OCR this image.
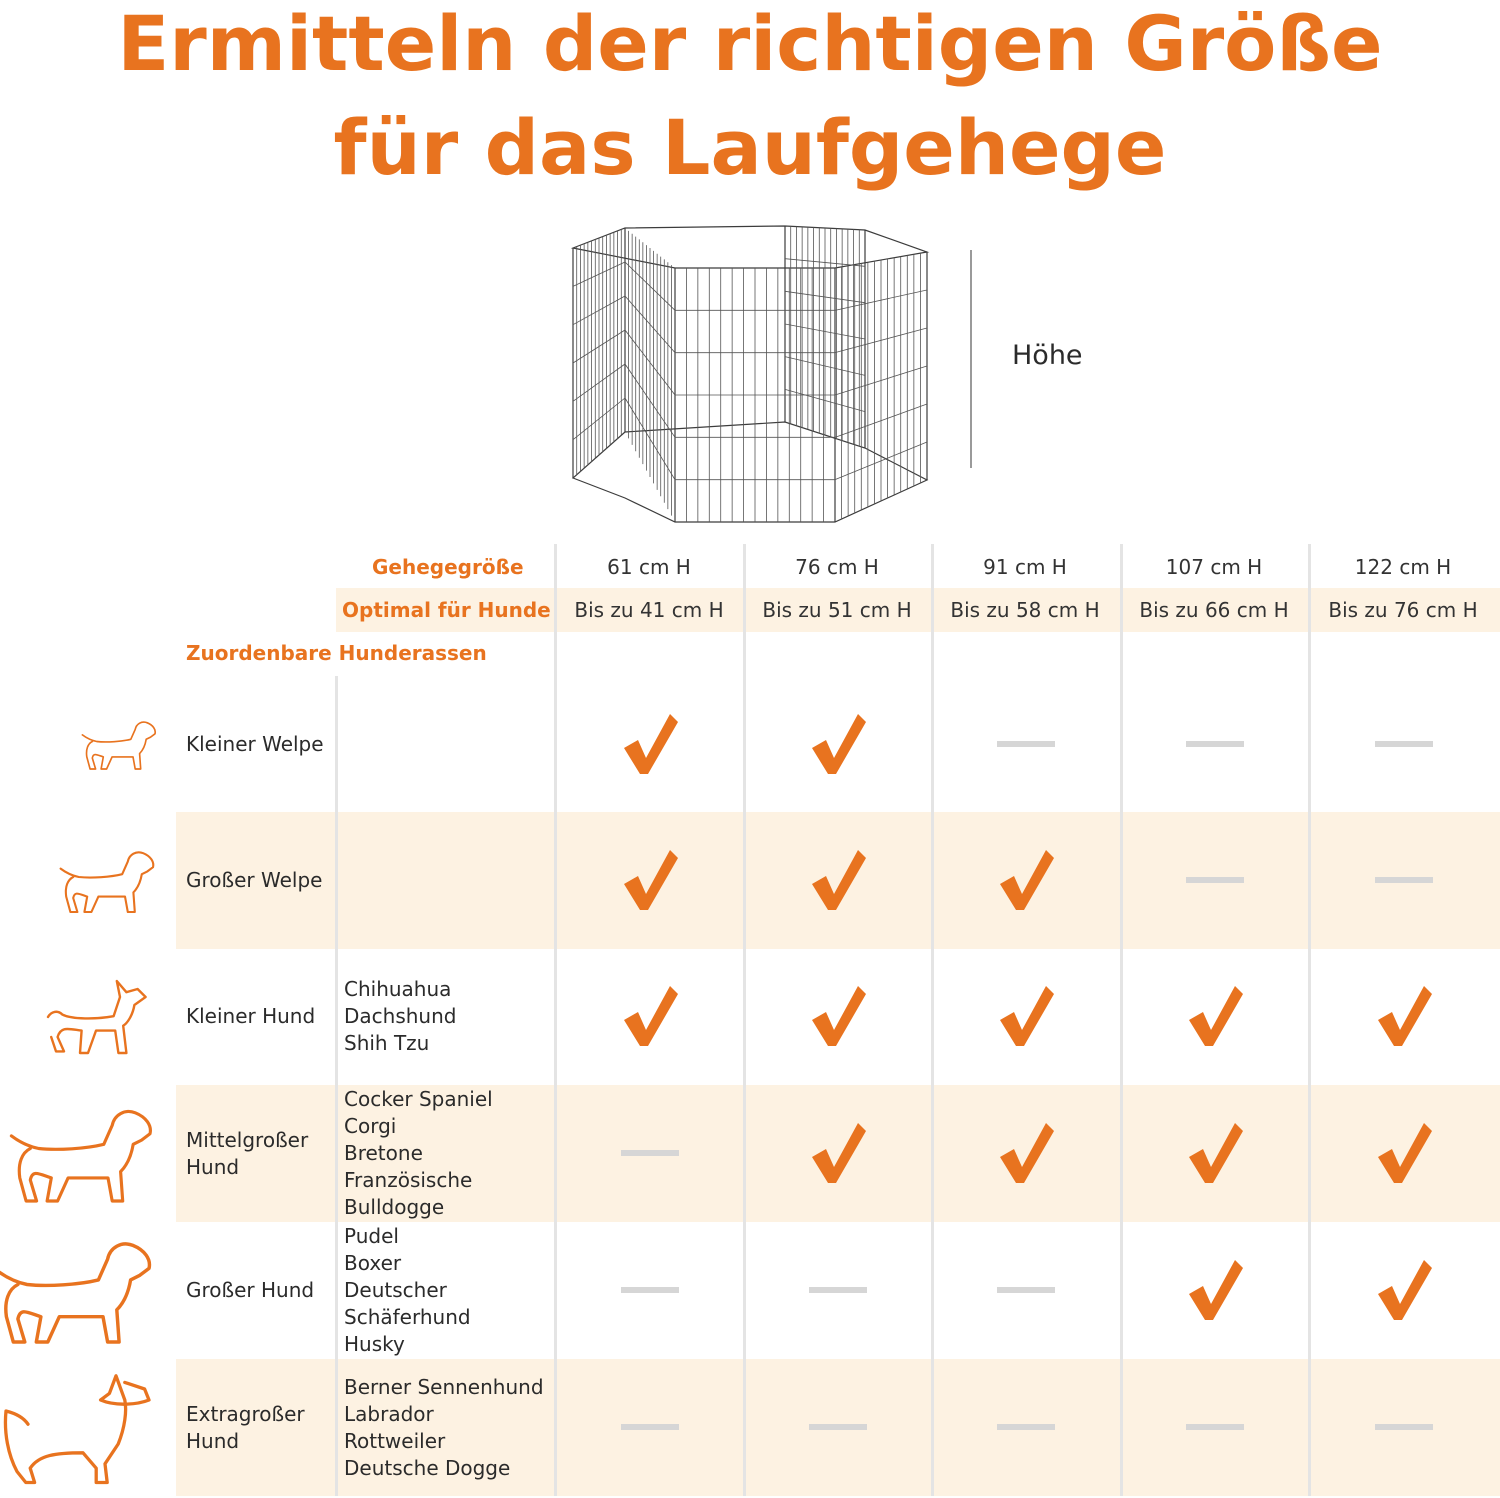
Ermitteln der richtigen Größe
für das Laufgehege
Höhe
Gehegegröße
Optimal für Hunde
Zuordenbare Hunderassen
61 cm H
Bis zu 41 cm H
76 cm H
Bis zu 51 cm H
91 cm H
Bis zu 58 cm H
107 cm H
Bis zu 66 cm H
122 cm H
Bis zu 76 cm H
Kleiner Welpe
Großer Welpe
Kleiner Hund
Chihuahua
Dachshund
Shih Tzu
Mittelgroßer Hund
Cocker Spaniel
Corgi
Bretone
Französische
Bulldogge
Großer Hund
Pudel
Boxer
Deutscher
Schäferhund
Husky
Extragroßer Hund
Berner Sennenhund
Labrador
Rottweiler
Deutsche Dogge
